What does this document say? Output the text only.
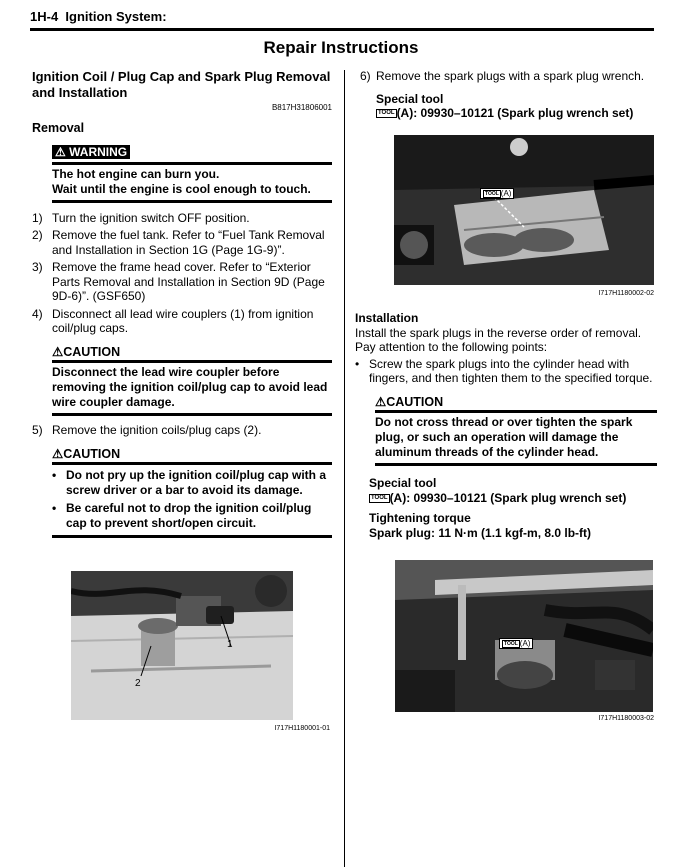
1H-4 Ignition System:
Repair Instructions
Ignition Coil / Plug Cap and Spark Plug Removal and Installation
B817H31806001
Removal
⚠ WARNING
The hot engine can burn you.
Wait until the engine is cool enough to touch.
1) Turn the ignition switch OFF position.
2) Remove the fuel tank. Refer to “Fuel Tank Removal and Installation in Section 1G (Page 1G-9)”.
3) Remove the frame head cover. Refer to “Exterior Parts Removal and Installation in Section 9D (Page 9D-6)”. (GSF650)
4) Disconnect all lead wire couplers (1) from ignition coil/plug caps.
⚠CAUTION
Disconnect the lead wire coupler before removing the ignition coil/plug cap to avoid lead wire coupler damage.
5) Remove the ignition coils/plug caps (2).
⚠CAUTION
• Do not pry up the ignition coil/plug cap with a screw driver or a bar to avoid its damage.
• Be careful not to drop the ignition coil/plug cap to prevent short/open circuit.
1
2
I717H1180001-01
6) Remove the spark plugs with a spark plug wrench.
Special tool
TOOL (A): 09930–10121 (Spark plug wrench set)
TOOL (A)
I717H1180002-02
Installation
Install the spark plugs in the reverse order of removal. Pay attention to the following points:
• Screw the spark plugs into the cylinder head with fingers, and then tighten them to the specified torque.
⚠CAUTION
Do not cross thread or over tighten the spark plug, or such an operation will damage the aluminum threads of the cylinder head.
Special tool
TOOL (A): 09930–10121 (Spark plug wrench set)
Tightening torque
Spark plug: 11 N·m (1.1 kgf-m, 8.0 lb-ft)
TOOL (A)
I717H1180003-02
